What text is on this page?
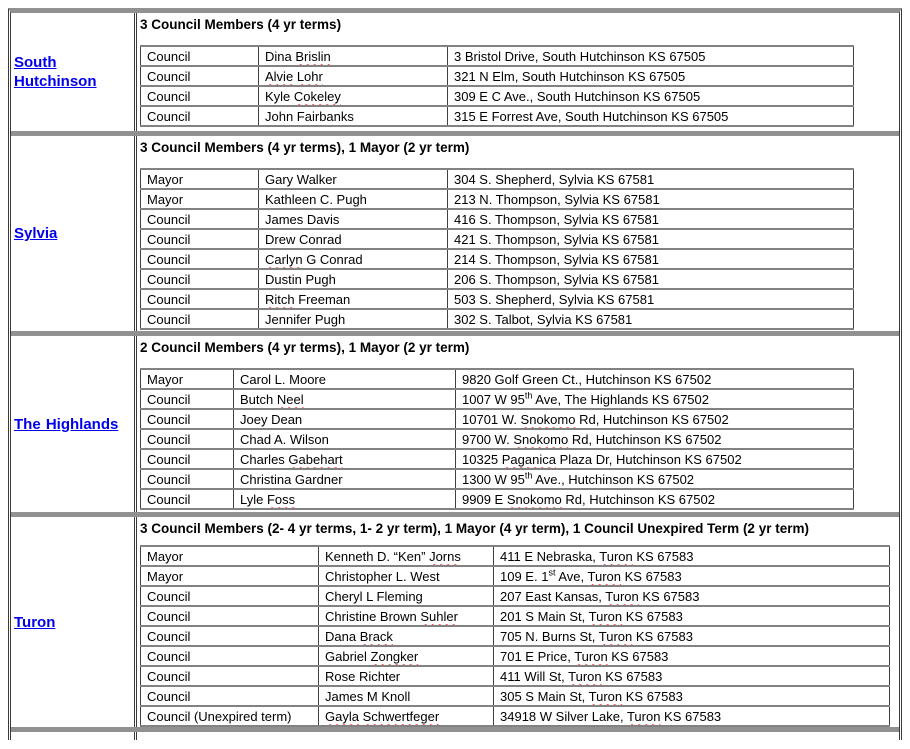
South Hutchinson
3 Council Members (4 yr terms)
Council	Dina Brislin	3 Bristol Drive, South Hutchinson KS 67505
Council	Alvie Lohr	321 N Elm, South Hutchinson KS 67505
Council	Kyle Cokeley	309 E C Ave., South Hutchinson KS 67505
Council	John Fairbanks	315 E Forrest Ave, South Hutchinson KS 67505
Sylvia
3 Council Members (4 yr terms), 1 Mayor (2 yr term)
Mayor	Gary Walker	304 S. Shepherd, Sylvia KS 67581
Mayor	Kathleen C. Pugh	213 N. Thompson, Sylvia KS 67581
Council	James Davis	416 S. Thompson, Sylvia KS 67581
Council	Drew Conrad	421 S. Thompson, Sylvia KS 67581
Council	Carlyn G Conrad	214 S. Thompson, Sylvia KS 67581
Council	Dustin Pugh	206 S. Thompson, Sylvia KS 67581
Council	Ritch Freeman	503 S. Shepherd, Sylvia KS 67581
Council	Jennifer Pugh	302 S. Talbot, Sylvia KS 67581
The Highlands
2 Council Members (4 yr terms), 1 Mayor (2 yr term)
Mayor	Carol L. Moore	9820 Golf Green Ct., Hutchinson KS 67502
Council	Butch Neel	1007 W 95th Ave, The Highlands KS 67502
Council	Joey Dean	10701 W. Snokomo Rd, Hutchinson KS 67502
Council	Chad A. Wilson	9700 W. Snokomo Rd, Hutchinson KS 67502
Council	Charles Gabehart	10325 Paganica Plaza Dr, Hutchinson KS 67502
Council	Christina Gardner	1300 W 95th Ave., Hutchinson KS 67502
Council	Lyle Foss	9909 E Snokomo Rd, Hutchinson KS 67502
Turon
3 Council Members (2- 4 yr terms, 1- 2 yr term), 1 Mayor (4 yr term), 1 Council Unexpired Term (2 yr term)
Mayor	Kenneth D. “Ken” Jorns	411 E Nebraska, Turon KS 67583
Mayor	Christopher L. West	109 E. 1st Ave, Turon KS 67583
Council	Cheryl L Fleming	207 East Kansas, Turon KS 67583
Council	Christine Brown Suhler	201 S Main St, Turon KS 67583
Council	Dana Brack	705 N. Burns St, Turon KS 67583
Council	Gabriel Zongker	701 E Price, Turon KS 67583
Council	Rose Richter	411 Will St, Turon KS 67583
Council	James M Knoll	305 S Main St, Turon KS 67583
Council (Unexpired term)	Gayla Schwertfeger	34918 W Silver Lake, Turon KS 67583
